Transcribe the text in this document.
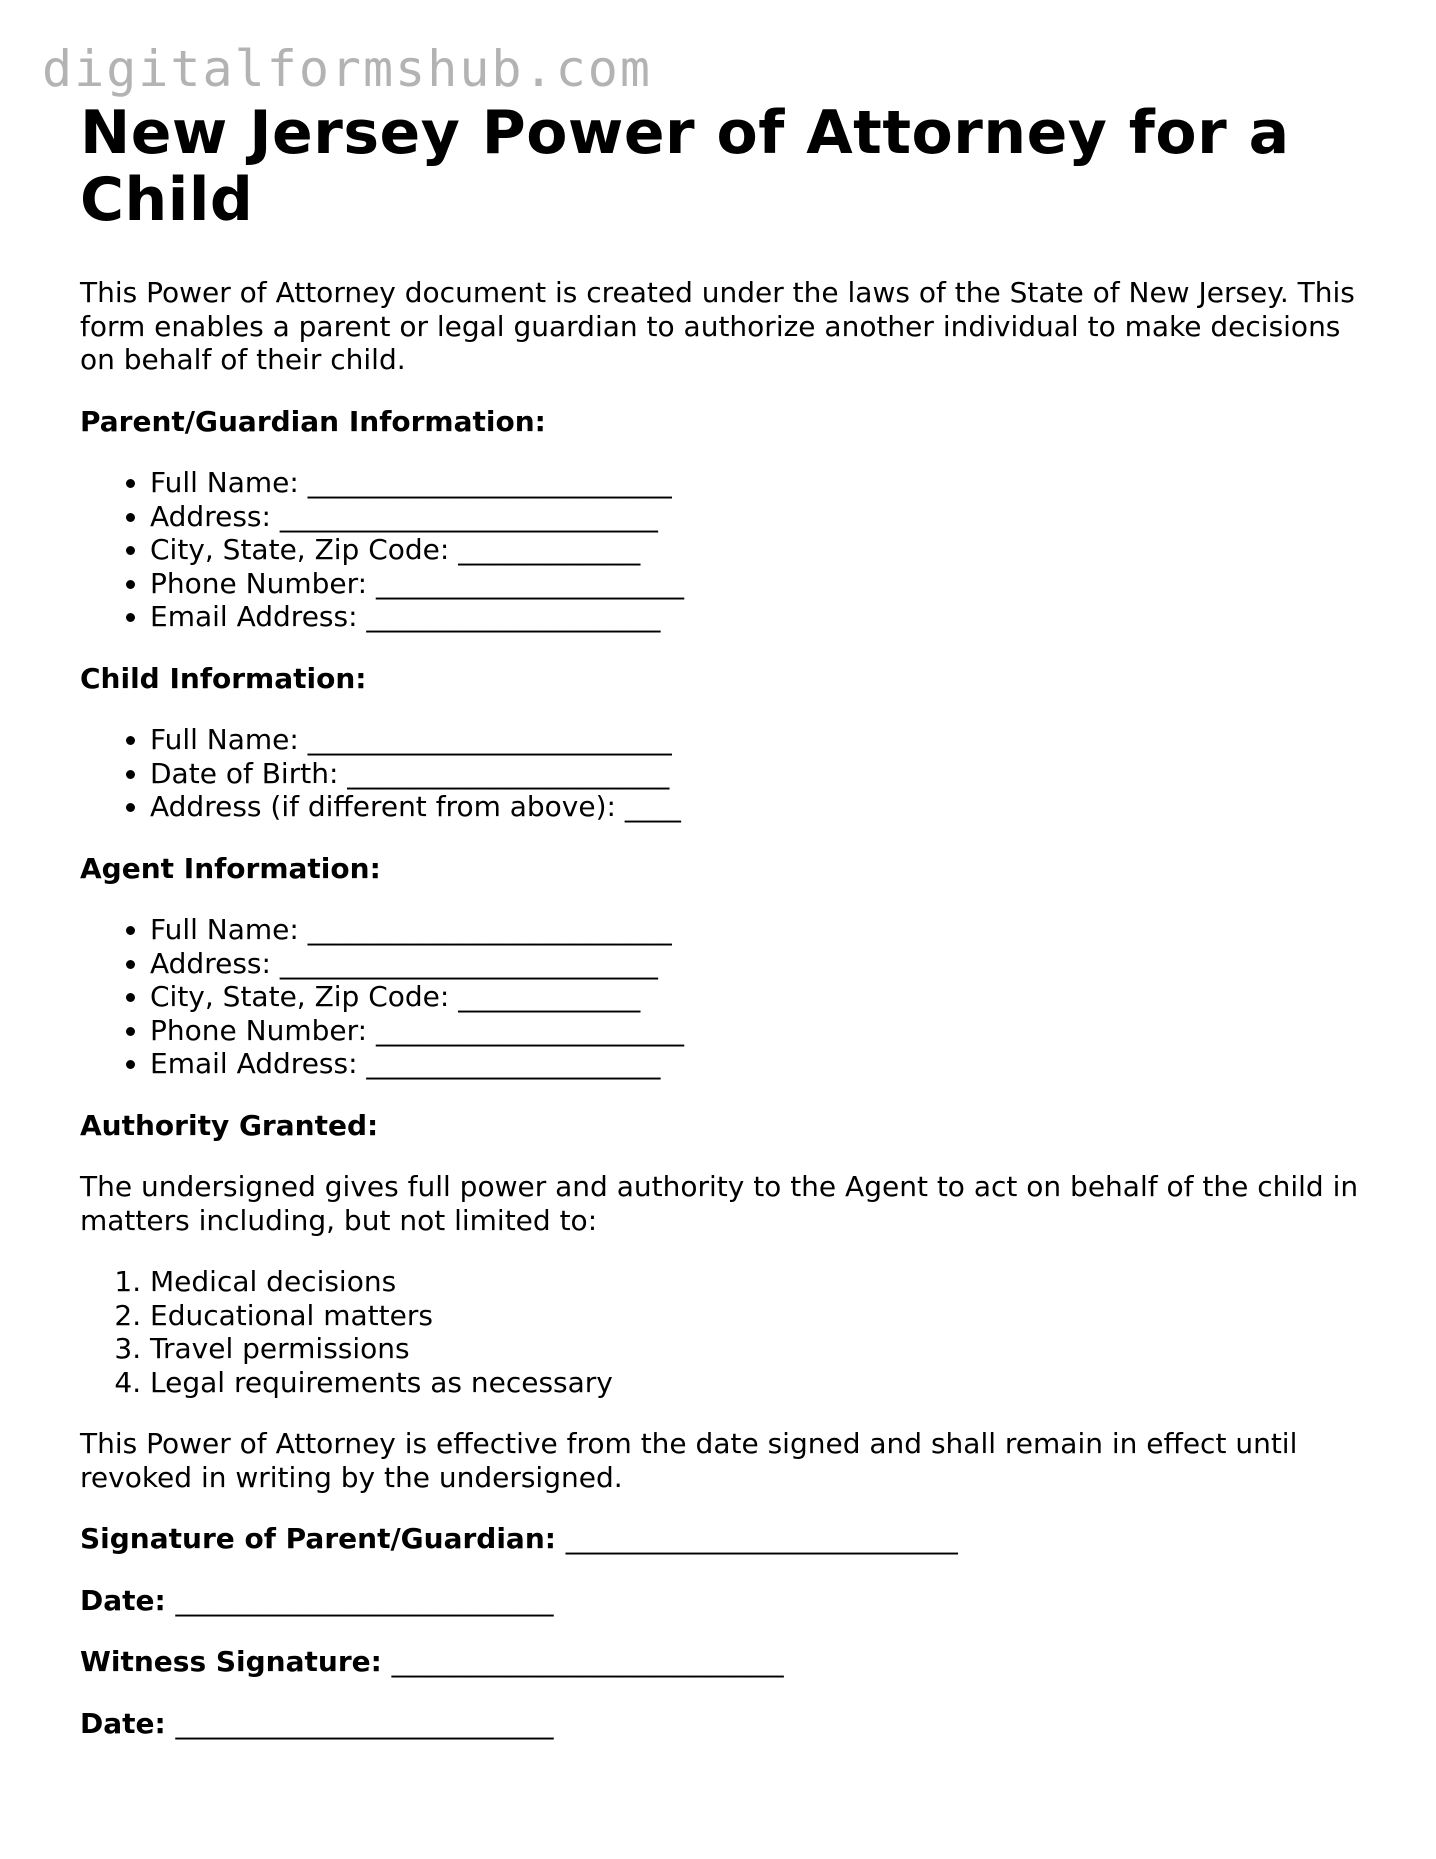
digitalformshub.com
New Jersey Power of Attorney for a Child

This Power of Attorney document is created under the laws of the State of New Jersey. This form enables a parent or legal guardian to authorize another individual to make decisions on behalf of their child.

Parent/Guardian Information:
• Full Name: __________________________
• Address: ___________________________
• City, State, Zip Code: _____________
• Phone Number: ______________________
• Email Address: _____________________
Child Information:
• Full Name: __________________________
• Date of Birth: _______________________
• Address (if different from above): ____
Agent Information:
• Full Name: __________________________
• Address: ___________________________
• City, State, Zip Code: _____________
• Phone Number: ______________________
• Email Address: _____________________
Authority Granted:

The undersigned gives full power and authority to the Agent to act on behalf of the child in matters including, but not limited to:

1. Medical decisions
2. Educational matters
3. Travel permissions
4. Legal requirements as necessary

This Power of Attorney is effective from the date signed and shall remain in effect until revoked in writing by the undersigned.

Signature of Parent/Guardian: ____________________________
Date: ___________________________
Witness Signature: ____________________________
Date: ___________________________
